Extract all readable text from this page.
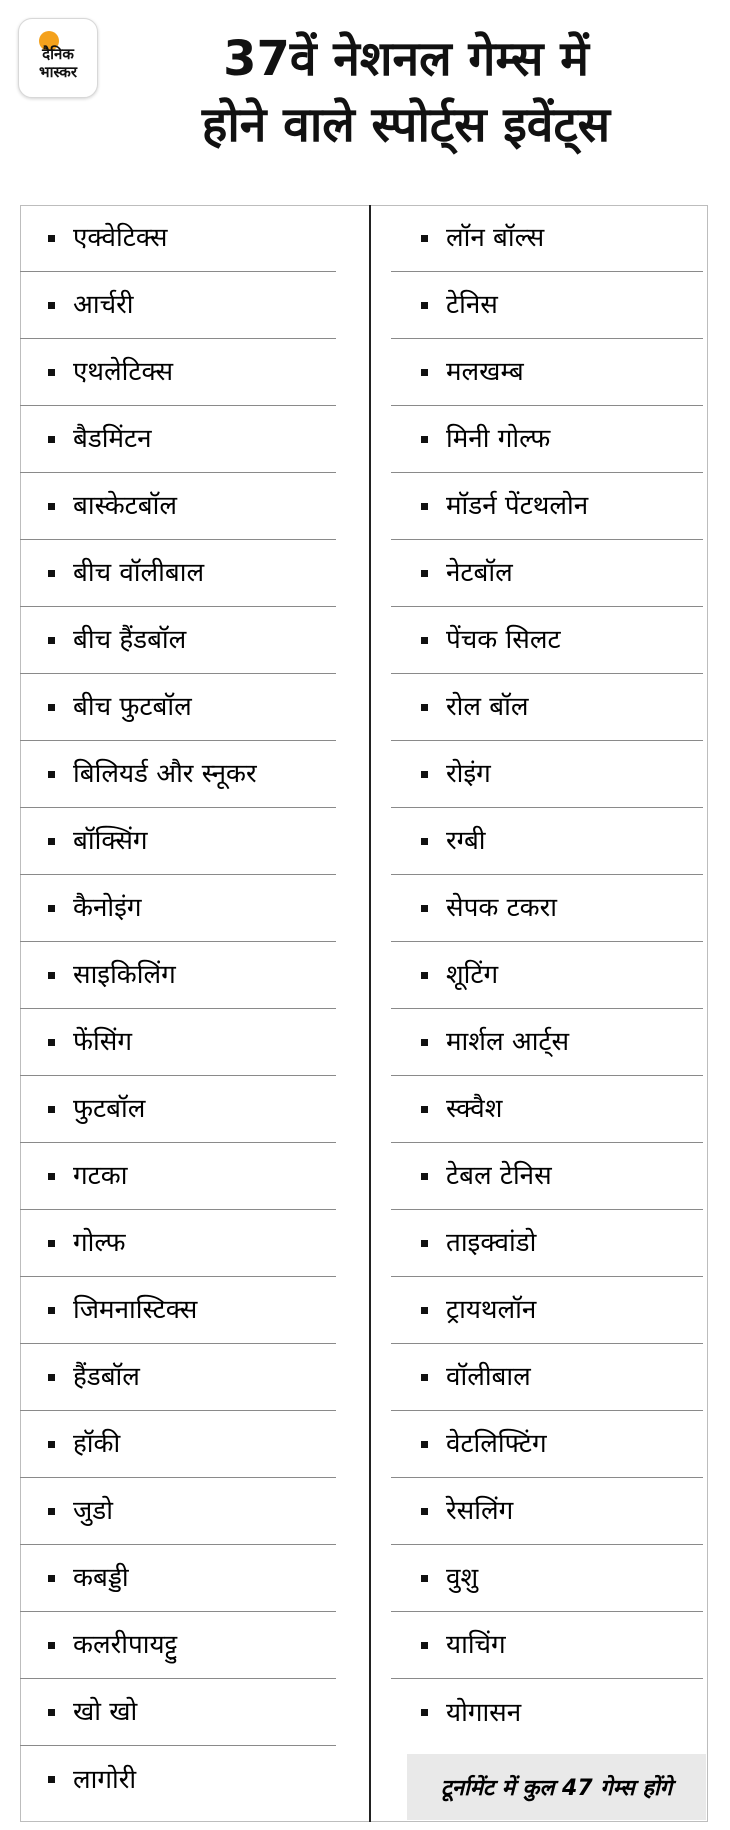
दैनिक
भास्कर	37वें नेशनल गेम्स में
होने वाले स्पोर्ट्स इवेंट्स
एक्वेटिक्स
आर्चरी
एथलेटिक्स
बैडमिंटन
बास्केटबॉल
बीच वॉलीबाल
बीच हैंडबॉल
बीच फुटबॉल
बिलियर्ड और स्नूकर
बॉक्सिंग
कैनोइंग
साइकिलिंग
फेंसिंग
फुटबॉल
गटका
गोल्फ
जिमनास्टिक्स
हैंडबॉल
हॉकी
जुडो
कबड्डी
कलरीपायट्टु
खो खो
लागोरी
लॉन बॉल्स
टेनिस
मलखम्ब
मिनी गोल्फ
मॉडर्न पेंटथलोन
नेटबॉल
पेंचक सिलट
रोल बॉल
रोइंग
रग्बी
सेपक टकरा
शूटिंग
मार्शल आर्ट्स
स्क्वैश
टेबल टेनिस
ताइक्वांडो
ट्रायथलॉन
वॉलीबाल
वेटलिफ्टिंग
रेसलिंग
वुशु
याचिंग
योगासन
टूर्नामेंट में कुल 47 गेम्स होंगे
